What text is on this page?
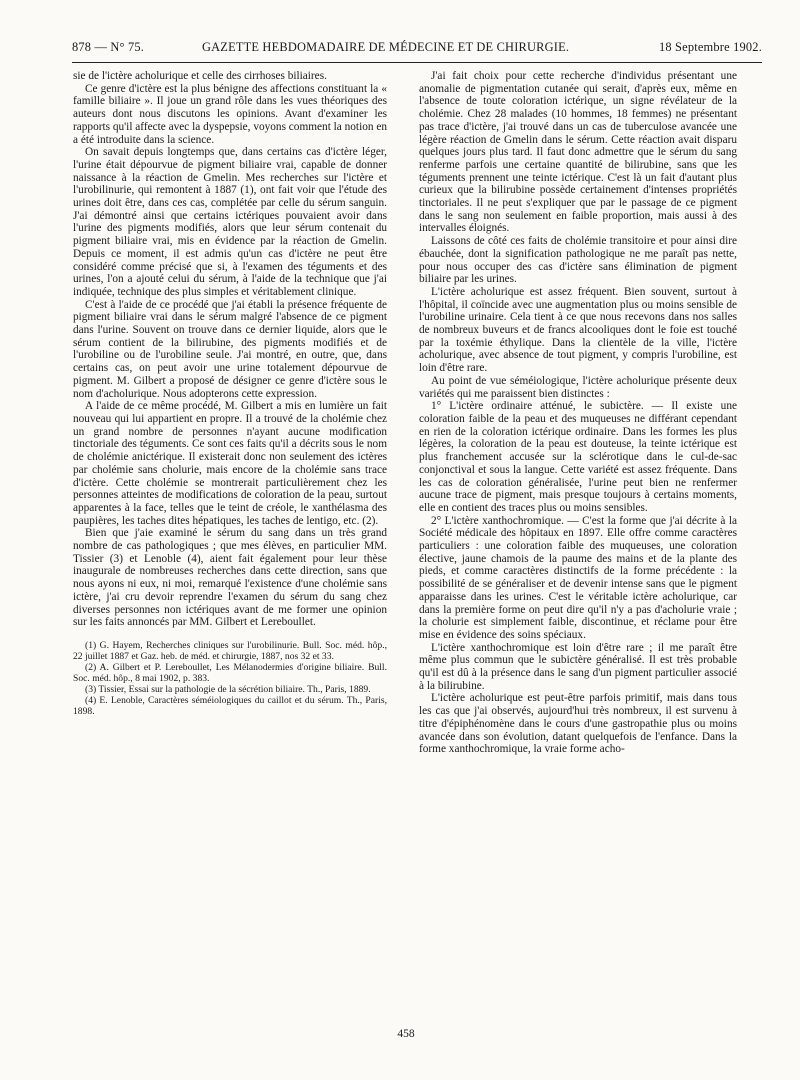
878 — N° 75.	GAZETTE HEBDOMADAIRE DE MÉDECINE ET DE CHIRURGIE.	18 Septembre 1902.

sie de l'ictère acholurique et celle des cirrhoses biliaires.

Ce genre d'ictère est la plus bénigne des affections constituant la « famille biliaire ». Il joue un grand rôle dans les vues théoriques des auteurs dont nous discutons les opinions. Avant d'examiner les rapports qu'il affecte avec la dyspepsie, voyons comment la notion en a été introduite dans la science.

On savait depuis longtemps que, dans certains cas d'ictère léger, l'urine était dépourvue de pigment biliaire vrai, capable de donner naissance à la réaction de Gmelin. Mes recherches sur l'ictère et l'urobilinurie, qui remontent à 1887 (1), ont fait voir que l'étude des urines doit être, dans ces cas, complétée par celle du sérum sanguin. J'ai démontré ainsi que certains ictériques pouvaient avoir dans l'urine des pigments modifiés, alors que leur sérum contenait du pigment biliaire vrai, mis en évidence par la réaction de Gmelin. Depuis ce moment, il est admis qu'un cas d'ictère ne peut être considéré comme précisé que si, à l'examen des téguments et des urines, l'on a ajouté celui du sérum, à l'aide de la technique que j'ai indiquée, technique des plus simples et véritablement clinique.

C'est à l'aide de ce procédé que j'ai établi la présence fréquente de pigment biliaire vrai dans le sérum malgré l'absence de ce pigment dans l'urine. Souvent on trouve dans ce dernier liquide, alors que le sérum contient de la bilirubine, des pigments modifiés et de l'urobiline ou de l'urobiline seule. J'ai montré, en outre, que, dans certains cas, on peut avoir une urine totalement dépourvue de pigment. M. Gilbert a proposé de désigner ce genre d'ictère sous le nom d'acholurique. Nous adopterons cette expression.

A l'aide de ce même procédé, M. Gilbert a mis en lumière un fait nouveau qui lui appartient en propre. Il a trouvé de la cholémie chez un grand nombre de personnes n'ayant aucune modification tinctoriale des téguments. Ce sont ces faits qu'il a décrits sous le nom de cholémie anictérique. Il existerait donc non seulement des ictères par cholémie sans cholurie, mais encore de la cholémie sans trace d'ictère. Cette cholémie se montrerait particulièrement chez les personnes atteintes de modifications de coloration de la peau, surtout apparentes à la face, telles que le teint de créole, le xanthélasma des paupières, les taches dites hépatiques, les taches de lentigo, etc. (2).

Bien que j'aie examiné le sérum du sang dans un très grand nombre de cas pathologiques ; que mes élèves, en particulier MM. Tissier (3) et Lenoble (4), aient fait également pour leur thèse inaugurale de nombreuses recherches dans cette direction, sans que nous ayons ni eux, ni moi, remarqué l'existence d'une cholémie sans ictère, j'ai cru devoir reprendre l'examen du sérum du sang chez diverses personnes non ictériques avant de me former une opinion sur les faits annoncés par MM. Gilbert et Lereboullet.

(1) G. Hayem, Recherches cliniques sur l'urobilinurie. Bull. Soc. méd. hôp., 22 juillet 1887 et Gaz. heb. de méd. et chirurgie, 1887, nos 32 et 33.

(2) A. Gilbert et P. Lereboullet, Les Mélanodermies d'origine biliaire. Bull. Soc. méd. hôp., 8 mai 1902, p. 383.

(3) Tissier, Essai sur la pathologie de la sécrétion biliaire. Th., Paris, 1889.

(4) E. Lenoble, Caractères séméiologiques du caillot et du sérum. Th., Paris, 1898.

J'ai fait choix pour cette recherche d'individus présentant une anomalie de pigmentation cutanée qui serait, d'après eux, même en l'absence de toute coloration ictérique, un signe révélateur de la cholémie. Chez 28 malades (10 hommes, 18 femmes) ne présentant pas trace d'ictère, j'ai trouvé dans un cas de tuberculose avancée une légère réaction de Gmelin dans le sérum. Cette réaction avait disparu quelques jours plus tard. Il faut donc admettre que le sérum du sang renferme parfois une certaine quantité de bilirubine, sans que les téguments prennent une teinte ictérique. C'est là un fait d'autant plus curieux que la bilirubine possède certainement d'intenses propriétés tinctoriales. Il ne peut s'expliquer que par le passage de ce pigment dans le sang non seulement en faible proportion, mais aussi à des intervalles éloignés.

Laissons de côté ces faits de cholémie transitoire et pour ainsi dire ébauchée, dont la signification pathologique ne me paraît pas nette, pour nous occuper des cas d'ictère sans élimination de pigment biliaire par les urines.

L'ictère acholurique est assez fréquent. Bien souvent, surtout à l'hôpital, il coïncide avec une augmentation plus ou moins sensible de l'urobiline urinaire. Cela tient à ce que nous recevons dans nos salles de nombreux buveurs et de francs alcooliques dont le foie est touché par la toxémie éthylique. Dans la clientèle de la ville, l'ictère acholurique, avec absence de tout pigment, y compris l'urobiline, est loin d'être rare.

Au point de vue séméiologique, l'ictère acholurique présente deux variétés qui me paraissent bien distinctes :

1° L'ictère ordinaire atténué, le subictère. — Il existe une coloration faible de la peau et des muqueuses ne différant cependant en rien de la coloration ictérique ordinaire. Dans les formes les plus légères, la coloration de la peau est douteuse, la teinte ictérique est plus franchement accusée sur la sclérotique dans le cul-de-sac conjonctival et sous la langue. Cette variété est assez fréquente. Dans les cas de coloration généralisée, l'urine peut bien ne renfermer aucune trace de pigment, mais presque toujours à certains moments, elle en contient des traces plus ou moins sensibles.

2° L'ictère xanthochromique. — C'est la forme que j'ai décrite à la Société médicale des hôpitaux en 1897. Elle offre comme caractères particuliers : une coloration faible des muqueuses, une coloration élective, jaune chamois de la paume des mains et de la plante des pieds, et comme caractères distinctifs de la forme précédente : la possibilité de se généraliser et de devenir intense sans que le pigment apparaisse dans les urines. C'est le véritable ictère acholurique, car dans la première forme on peut dire qu'il n'y a pas d'acholurie vraie ; la cholurie est simplement faible, discontinue, et réclame pour être mise en évidence des soins spéciaux.

L'ictère xanthochromique est loin d'être rare ; il me paraît être même plus commun que le subictère généralisé. Il est très probable qu'il est dû à la présence dans le sang d'un pigment particulier associé à la bilirubine.

L'ictère acholurique est peut-être parfois primitif, mais dans tous les cas que j'ai observés, aujourd'hui très nombreux, il est survenu à titre d'épiphénomène dans le cours d'une gastropathie plus ou moins avancée dans son évolution, datant quelquefois de l'enfance. Dans la forme xanthochromique, la vraie forme acho-

458
